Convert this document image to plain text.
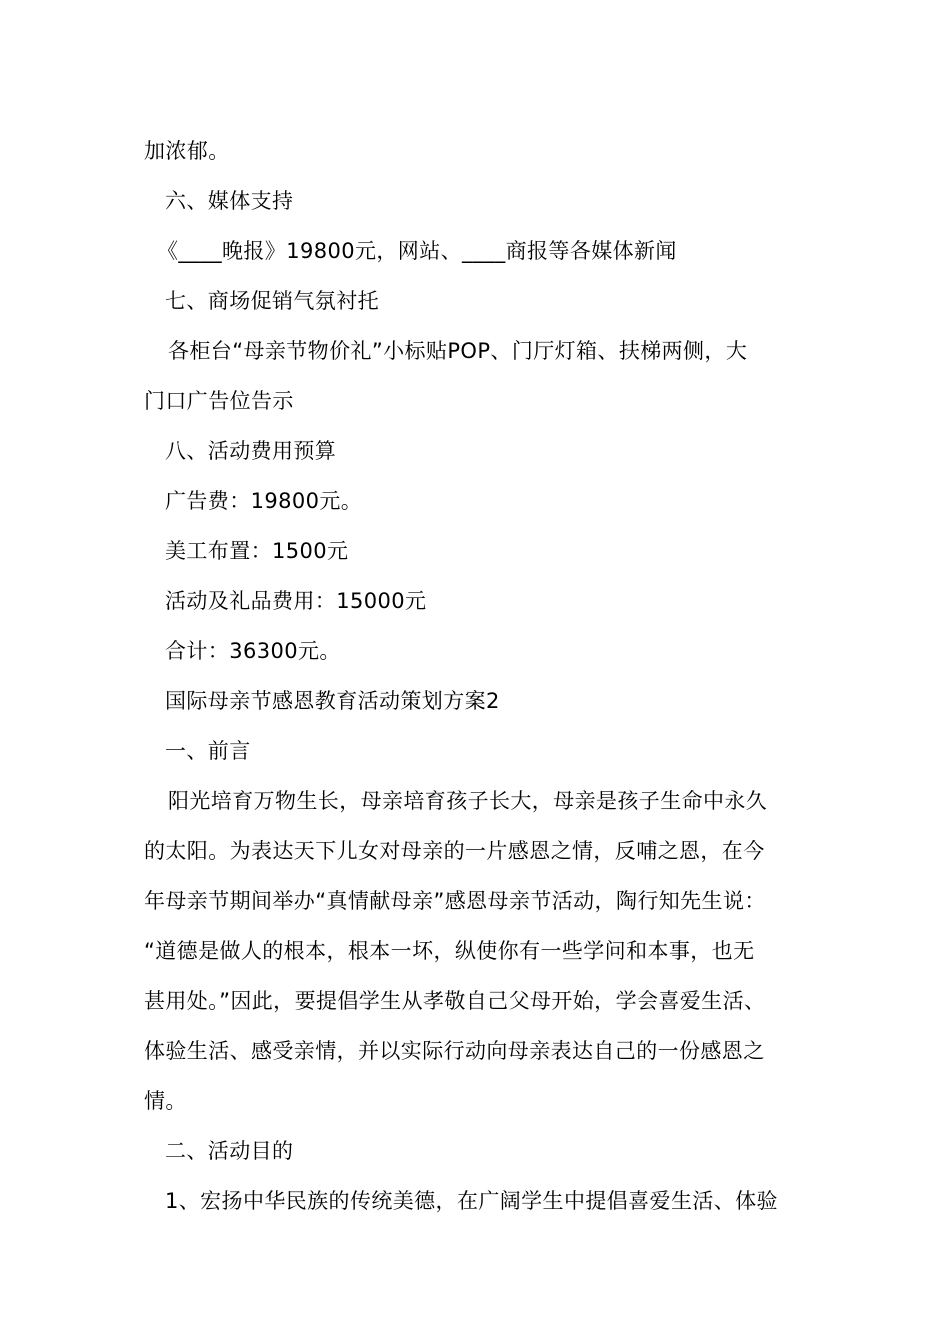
加浓郁。
六、媒体支持
《____晚报》19800元，网站、____商报等各媒体新闻
七、商场促销气氛衬托
各柜台“母亲节物价礼”小标贴POP、门厅灯箱、扶梯两侧，大
门口广告位告示
八、活动费用预算
广告费：19800元。
美工布置：1500元
活动及礼品费用：15000元
合计：36300元。
国际母亲节感恩教育活动策划方案2
一、前言
阳光培育万物生长，母亲培育孩子长大，母亲是孩子生命中永久
的太阳。为表达天下儿女对母亲的一片感恩之情，反哺之恩，在今
年母亲节期间举办“真情献母亲”感恩母亲节活动，陶行知先生说：
“道德是做人的根本，根本一坏，纵使你有一些学问和本事，也无
甚用处。”因此，要提倡学生从孝敬自己父母开始，学会喜爱生活、
体验生活、感受亲情，并以实际行动向母亲表达自己的一份感恩之
情。
二、活动目的
1、宏扬中华民族的传统美德，在广阔学生中提倡喜爱生活、体验
